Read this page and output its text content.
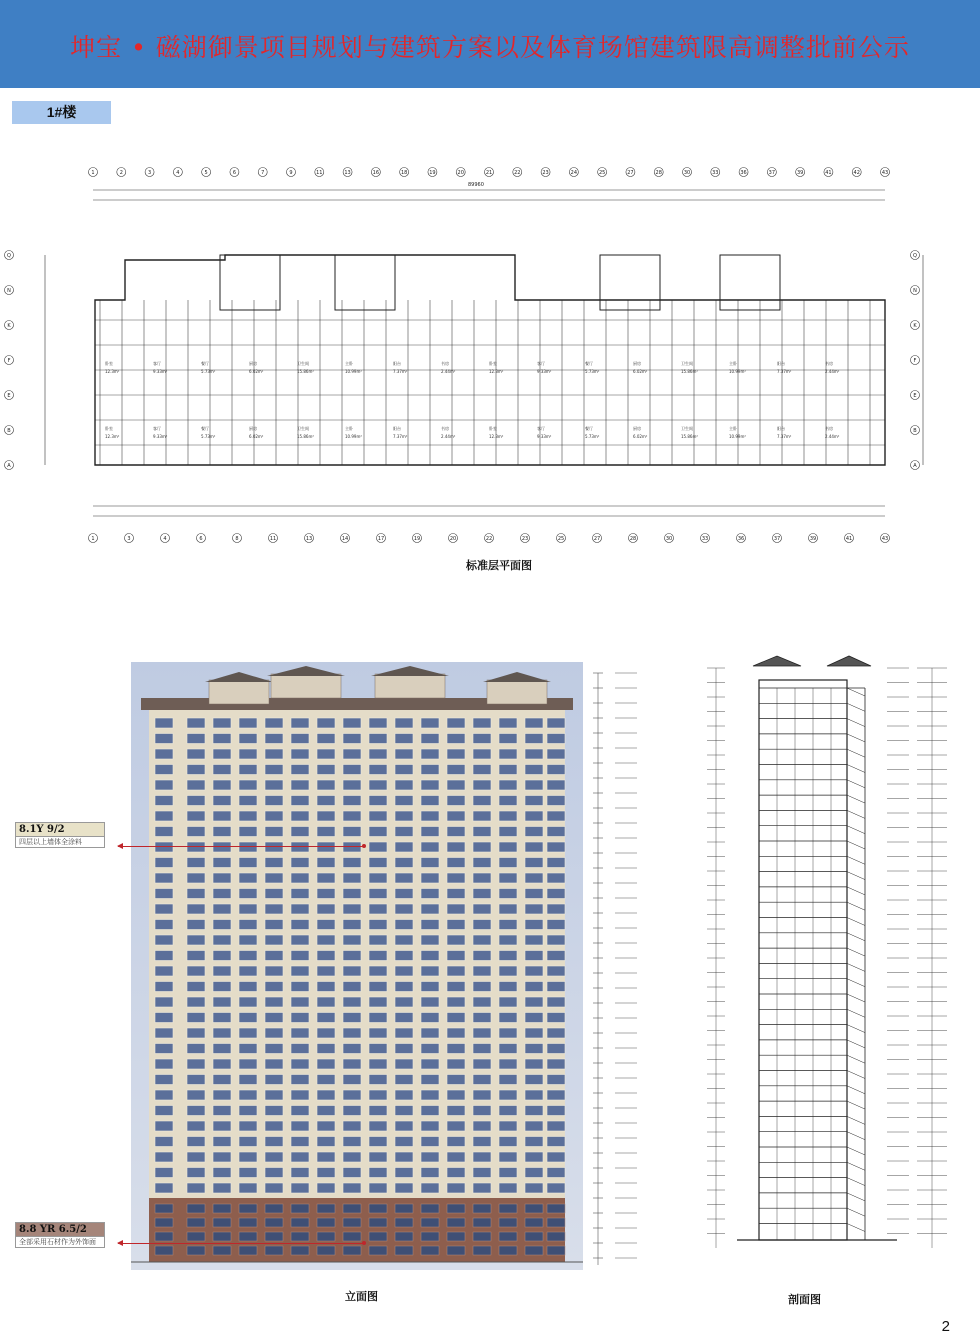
坤宝 • 磁湖御景项目规划与建筑方案以及体育场馆建筑限高调整批前公示
1#楼
卧室
12.3m²
客厅
9.33m²
餐厅
5.73m²
厨房
6.02m²
卫生间
15.86m²
主卧
10.99m²
阳台
7.37m²
书房
2.44m²
卧室
12.3m²
客厅
9.33m²
餐厅
5.73m²
厨房
6.02m²
卫生间
15.86m²
主卧
10.99m²
阳台
7.37m²
书房
2.44m²
卧室
12.3m²
客厅
9.33m²
餐厅
5.73m²
厨房
6.02m²
卫生间
15.86m²
主卧
10.99m²
阳台
7.37m²
书房
2.44m²
卧室
12.3m²
客厅
9.33m²
餐厅
5.73m²
厨房
6.02m²
卫生间
15.86m²
主卧
10.99m²
阳台
7.37m²
书房
2.44m²
1	2	3	4	5	6	7	9	11	13	16	18	19	20	21	22	23	24	25	27	28	30	33	36	37	39	41	42	43
1	3	4	6	8	11	13	14	17	19	20	22	23	25	27	28	30	33	36	37	39	41	43
Q	Q
N	N
K	K
F	F
E	E
B	B
A	A
89960
标准层平面图
立面图
8.1Y 9/2
四层以上墙体全涂料
8.8 YR 6.5/2
全部采用石材作为外饰面
剖面图
2
